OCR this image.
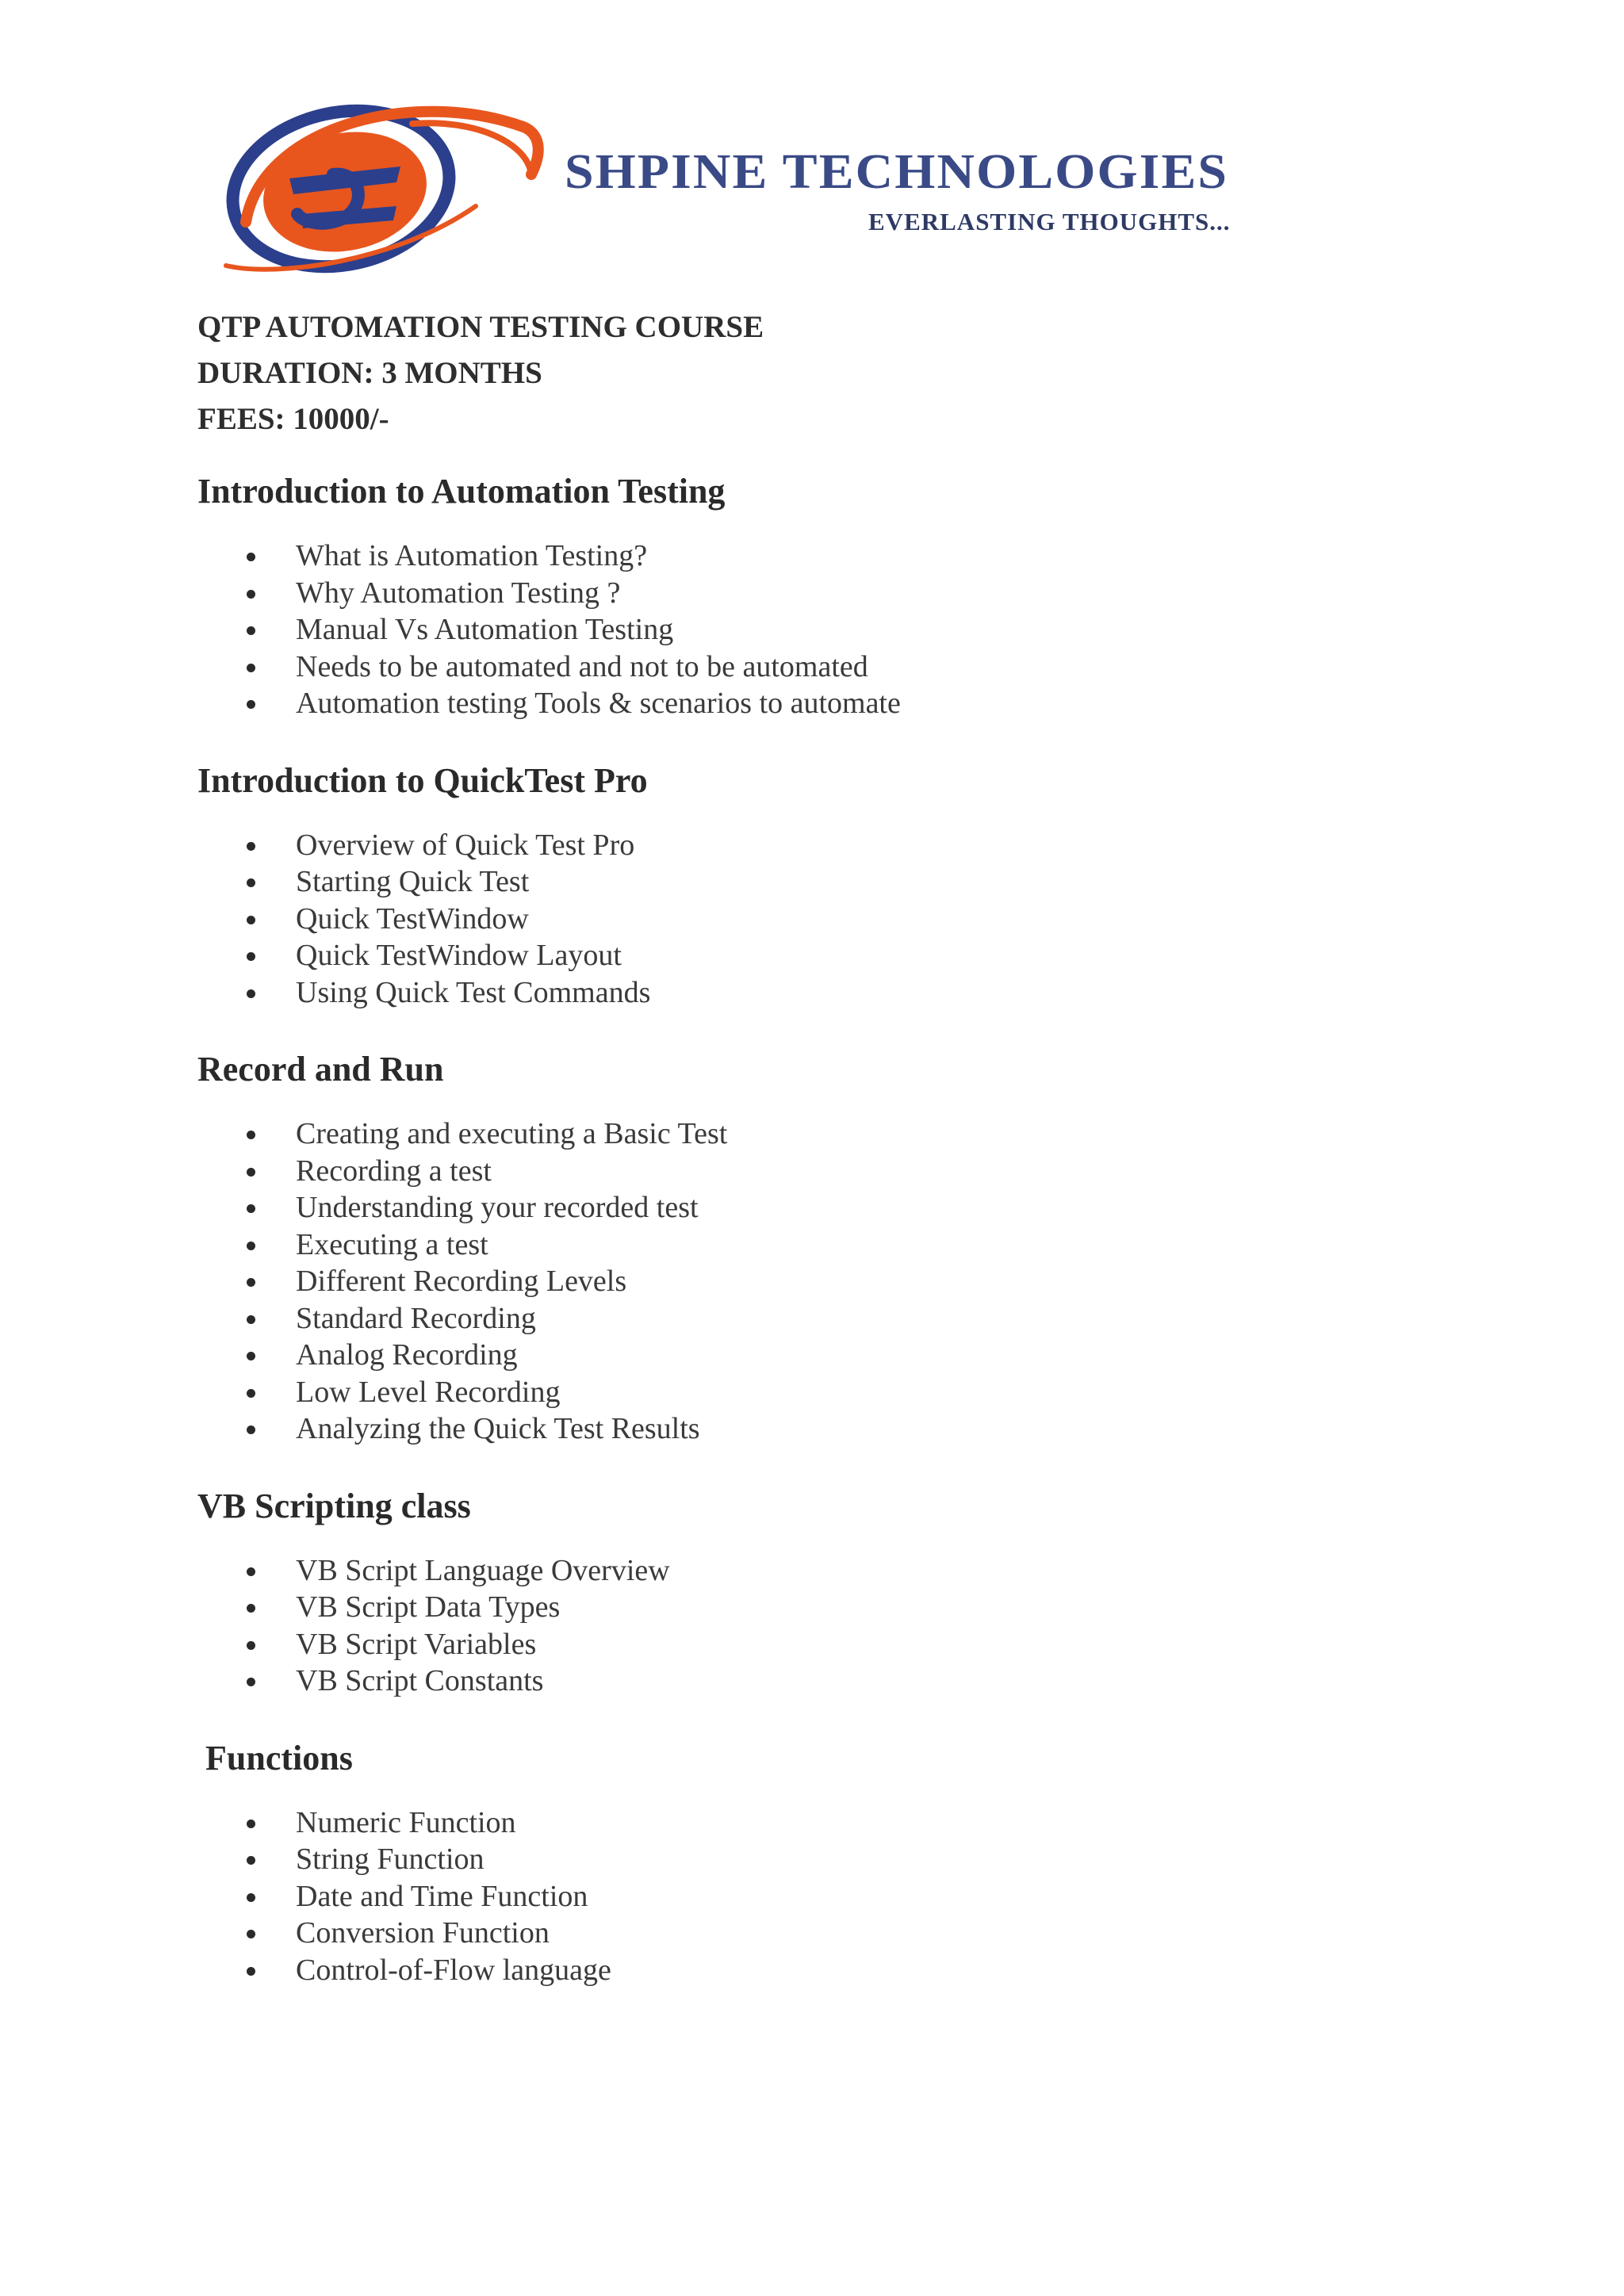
SHPINE TECHNOLOGIES
EVERLASTING THOUGHTS...
QTP AUTOMATION TESTING COURSE
DURATION: 3 MONTHS
FEES: 10000/-
Introduction to Automation Testing
What is Automation Testing?
Why Automation Testing ?
Manual Vs Automation Testing
Needs to be automated and not to be automated
Automation testing Tools & scenarios to automate
Introduction to QuickTest Pro
Overview of Quick Test Pro
Starting Quick Test
Quick TestWindow
Quick TestWindow Layout
Using Quick Test Commands
Record and Run
Creating and executing a Basic Test
Recording a test
Understanding your recorded test
Executing a test
Different Recording Levels
Standard Recording
Analog Recording
Low Level Recording
Analyzing the Quick Test Results
VB Scripting class
VB Script Language Overview
VB Script Data Types
VB Script Variables
VB Script Constants
Functions
Numeric Function
String Function
Date and Time Function
Conversion Function
Control-of-Flow language
